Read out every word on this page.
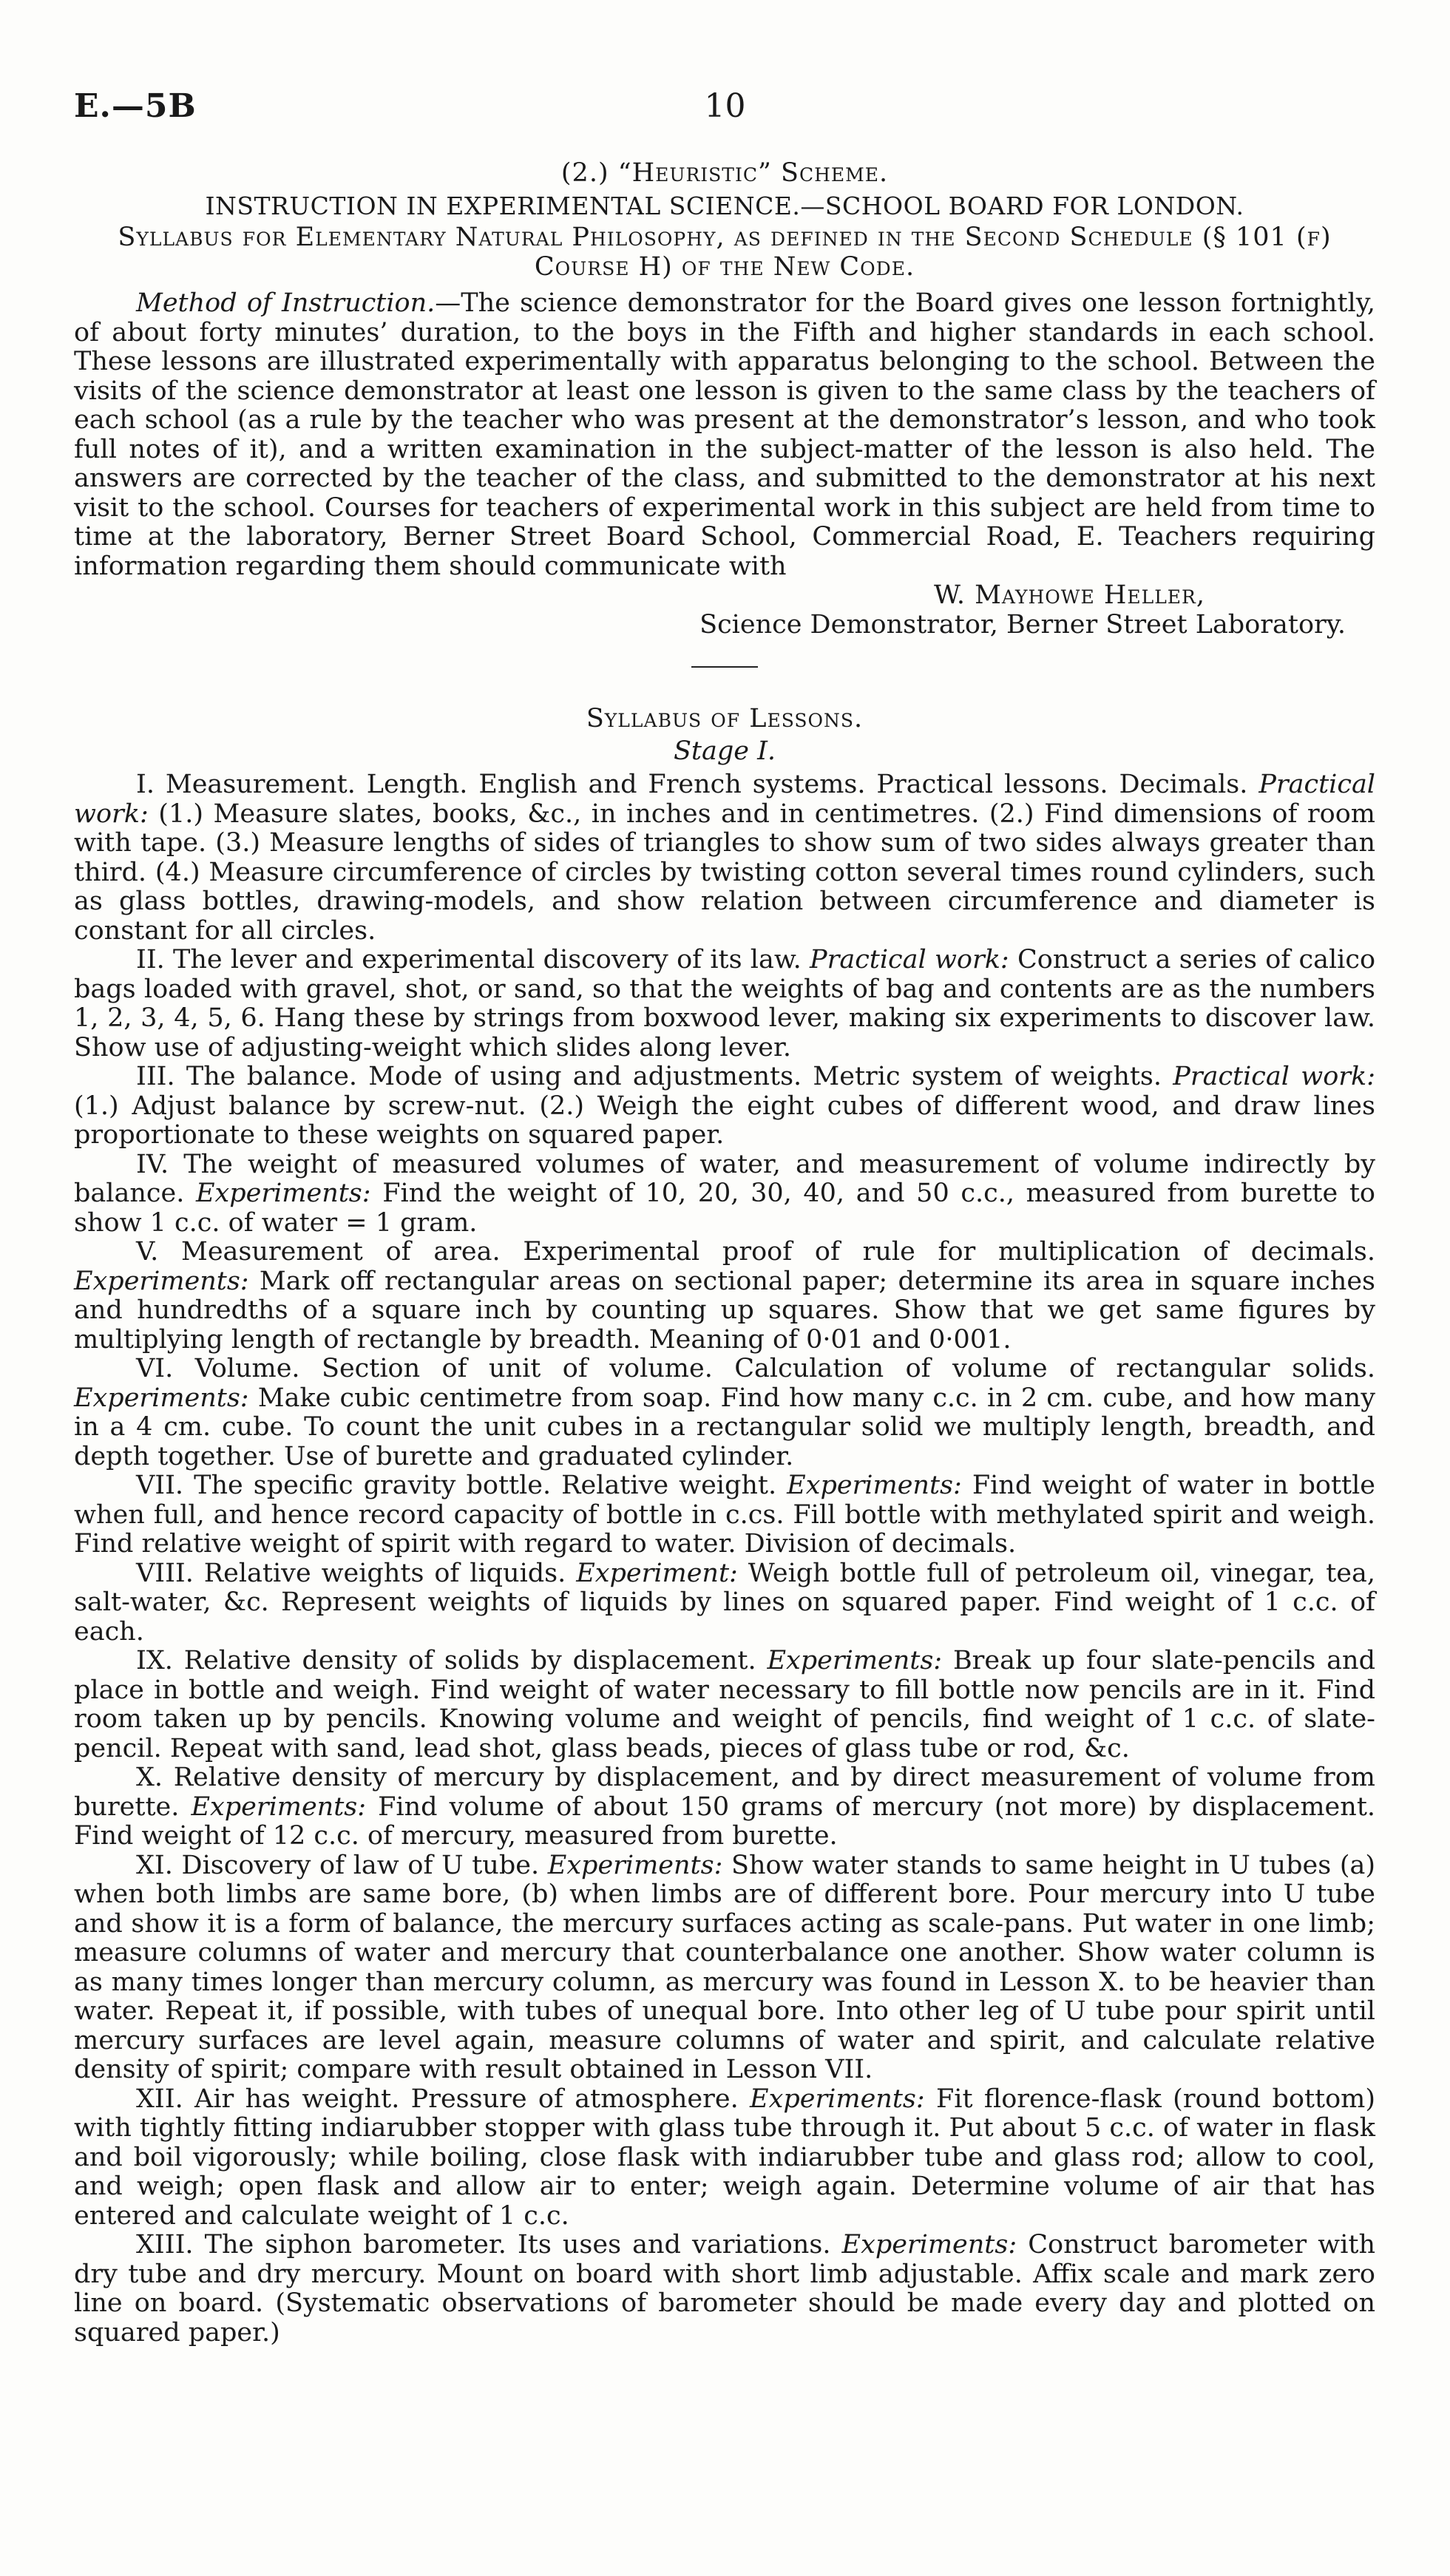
E.—5B	10

(2.) “Heuristic” Scheme.

INSTRUCTION IN EXPERIMENTAL SCIENCE.—SCHOOL BOARD FOR LONDON.

Syllabus for Elementary Natural Philosophy, as defined in the Second Schedule (§ 101 (f) Course H) of the New Code.

Method of Instruction.—The science demonstrator for the Board gives one lesson fortnightly, of about forty minutes’ duration, to the boys in the Fifth and higher standards in each school. These lessons are illustrated experimentally with apparatus belonging to the school. Between the visits of the science demonstrator at least one lesson is given to the same class by the teachers of each school (as a rule by the teacher who was present at the demonstrator’s lesson, and who took full notes of it), and a written examination in the subject-matter of the lesson is also held. The answers are corrected by the teacher of the class, and submitted to the demonstrator at his next visit to the school. Courses for teachers of experimental work in this subject are held from time to time at the laboratory, Berner Street Board School, Commercial Road, E. Teachers requiring information regarding them should communicate with

W. Mayhowe Heller,
Science Demonstrator, Berner Street Laboratory.

Syllabus of Lessons.

Stage I.

I. Measurement. Length. English and French systems. Practical lessons. Decimals. Practical work: (1.) Measure slates, books, &c., in inches and in centimetres. (2.) Find dimensions of room with tape. (3.) Measure lengths of sides of triangles to show sum of two sides always greater than third. (4.) Measure circumference of circles by twisting cotton several times round cylinders, such as glass bottles, drawing-models, and show relation between circumference and diameter is constant for all circles.

II. The lever and experimental discovery of its law. Practical work: Construct a series of calico bags loaded with gravel, shot, or sand, so that the weights of bag and contents are as the numbers 1, 2, 3, 4, 5, 6. Hang these by strings from boxwood lever, making six experiments to discover law. Show use of adjusting-weight which slides along lever.

III. The balance. Mode of using and adjustments. Metric system of weights. Practical work: (1.) Adjust balance by screw-nut. (2.) Weigh the eight cubes of different wood, and draw lines proportionate to these weights on squared paper.

IV. The weight of measured volumes of water, and measurement of volume indirectly by balance. Experiments: Find the weight of 10, 20, 30, 40, and 50 c.c., measured from burette to show 1 c.c. of water = 1 gram.

V. Measurement of area. Experimental proof of rule for multiplication of decimals. Experiments: Mark off rectangular areas on sectional paper; determine its area in square inches and hundredths of a square inch by counting up squares. Show that we get same figures by multiplying length of rectangle by breadth. Meaning of 0·01 and 0·001.

VI. Volume. Section of unit of volume. Calculation of volume of rectangular solids. Experiments: Make cubic centimetre from soap. Find how many c.c. in 2 cm. cube, and how many in a 4 cm. cube. To count the unit cubes in a rectangular solid we multiply length, breadth, and depth together. Use of burette and graduated cylinder.

VII. The specific gravity bottle. Relative weight. Experiments: Find weight of water in bottle when full, and hence record capacity of bottle in c.cs. Fill bottle with methylated spirit and weigh. Find relative weight of spirit with regard to water. Division of decimals.

VIII. Relative weights of liquids. Experiment: Weigh bottle full of petroleum oil, vinegar, tea, salt-water, &c. Represent weights of liquids by lines on squared paper. Find weight of 1 c.c. of each.

IX. Relative density of solids by displacement. Experiments: Break up four slate-pencils and place in bottle and weigh. Find weight of water necessary to fill bottle now pencils are in it. Find room taken up by pencils. Knowing volume and weight of pencils, find weight of 1 c.c. of slate-pencil. Repeat with sand, lead shot, glass beads, pieces of glass tube or rod, &c.

X. Relative density of mercury by displacement, and by direct measurement of volume from burette. Experiments: Find volume of about 150 grams of mercury (not more) by displacement. Find weight of 12 c.c. of mercury, measured from burette.

XI. Discovery of law of U tube. Experiments: Show water stands to same height in U tubes (a) when both limbs are same bore, (b) when limbs are of different bore. Pour mercury into U tube and show it is a form of balance, the mercury surfaces acting as scale-pans. Put water in one limb; measure columns of water and mercury that counterbalance one another. Show water column is as many times longer than mercury column, as mercury was found in Lesson X. to be heavier than water. Repeat it, if possible, with tubes of unequal bore. Into other leg of U tube pour spirit until mercury surfaces are level again, measure columns of water and spirit, and calculate relative density of spirit; compare with result obtained in Lesson VII.

XII. Air has weight. Pressure of atmosphere. Experiments: Fit florence-flask (round bottom) with tightly fitting indiarubber stopper with glass tube through it. Put about 5 c.c. of water in flask and boil vigorously; while boiling, close flask with indiarubber tube and glass rod; allow to cool, and weigh; open flask and allow air to enter; weigh again. Determine volume of air that has entered and calculate weight of 1 c.c.

XIII. The siphon barometer. Its uses and variations. Experiments: Construct barometer with dry tube and dry mercury. Mount on board with short limb adjustable. Affix scale and mark zero line on board. (Systematic observations of barometer should be made every day and plotted on squared paper.)
